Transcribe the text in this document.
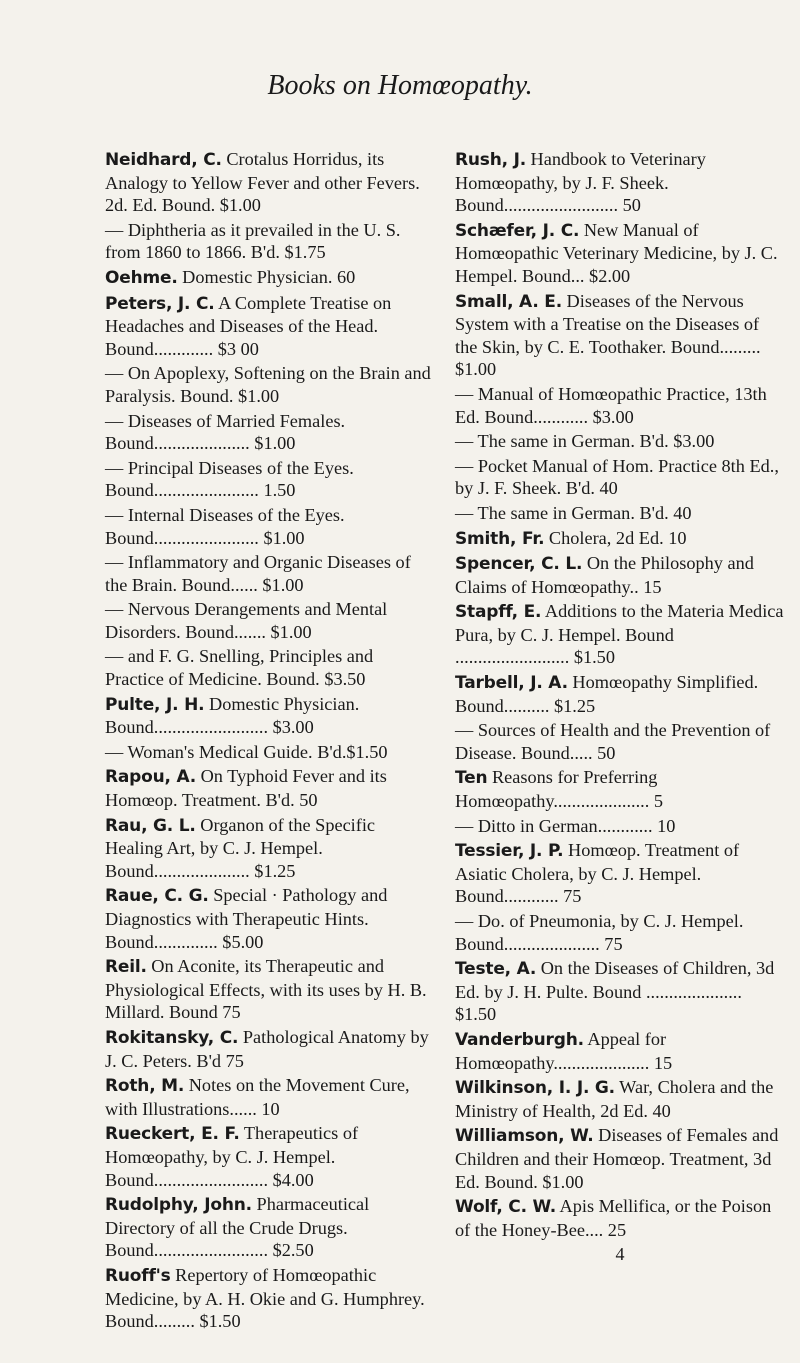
Books on Homœopathy.

Neidhard, C. Crotalus Horridus, its Analogy to Yellow Fever and other Fevers. 2d. Ed. Bound. $1.00

— Diphtheria as it prevailed in the U. S. from 1860 to 1866. B'd. $1.75

Oehme. Domestic Physician. 60

Peters, J. C. A Complete Treatise on Headaches and Diseases of the Head. Bound............. $3 00

— On Apoplexy, Softening on the Brain and Paralysis. Bound. $1.00

— Diseases of Married Females. Bound..................... $1.00

— Principal Diseases of the Eyes. Bound....................... 1.50

— Internal Diseases of the Eyes. Bound....................... $1.00

— Inflammatory and Organic Diseases of the Brain. Bound...... $1.00

— Nervous Derangements and Mental Disorders. Bound....... $1.00

— and F. G. Snelling, Principles and Practice of Medicine. Bound. $3.50

Pulte, J. H. Domestic Physician. Bound......................... $3.00

— Woman's Medical Guide. B'd.$1.50

Rapou, A. On Typhoid Fever and its Homœop. Treatment. B'd. 50

Rau, G. L. Organon of the Specific Healing Art, by C. J. Hempel. Bound..................... $1.25

Raue, C. G. Special · Pathology and Diagnostics with Therapeutic Hints. Bound.............. $5.00

Reil. On Aconite, its Therapeutic and Physiological Effects, with its uses by H. B. Millard. Bound 75

Rokitansky, C. Pathological Anatomy by J. C. Peters. B'd 75

Roth, M. Notes on the Movement Cure, with Illustrations...... 10

Rueckert, E. F. Therapeutics of Homœopathy, by C. J. Hempel. Bound......................... $4.00

Rudolphy, John. Pharmaceutical Directory of all the Crude Drugs. Bound......................... $2.50

Ruoff's Repertory of Homœopathic Medicine, by A. H. Okie and G. Humphrey. Bound......... $1.50

Rush, J. Handbook to Veterinary Homœopathy, by J. F. Sheek. Bound......................... 50

Schæfer, J. C. New Manual of Homœopathic Veterinary Medicine, by J. C. Hempel. Bound... $2.00

Small, A. E. Diseases of the Nervous System with a Treatise on the Diseases of the Skin, by C. E. Toothaker. Bound......... $1.00

— Manual of Homœopathic Practice, 13th Ed. Bound............ $3.00

— The same in German. B'd. $3.00

— Pocket Manual of Hom. Practice 8th Ed., by J. F. Sheek. B'd. 40

— The same in German. B'd. 40

Smith, Fr. Cholera, 2d Ed. 10

Spencer, C. L. On the Philosophy and Claims of Homœopathy.. 15

Stapff, E. Additions to the Materia Medica Pura, by C. J. Hempel. Bound ......................... $1.50

Tarbell, J. A. Homœopathy Simplified. Bound.......... $1.25

— Sources of Health and the Prevention of Disease. Bound..... 50

Ten Reasons for Preferring Homœopathy..................... 5

— Ditto in German............ 10

Tessier, J. P. Homœop. Treatment of Asiatic Cholera, by C. J. Hempel. Bound............ 75

— Do. of Pneumonia, by C. J. Hempel. Bound..................... 75

Teste, A. On the Diseases of Children, 3d Ed. by J. H. Pulte. Bound ..................... $1.50

Vanderburgh. Appeal for Homœopathy..................... 15

Wilkinson, I. J. G. War, Cholera and the Ministry of Health, 2d Ed. 40

Williamson, W. Diseases of Females and Children and their Homœop. Treatment, 3d Ed. Bound. $1.00

Wolf, C. W. Apis Mellifica, or the Poison of the Honey-Bee.... 25

4
